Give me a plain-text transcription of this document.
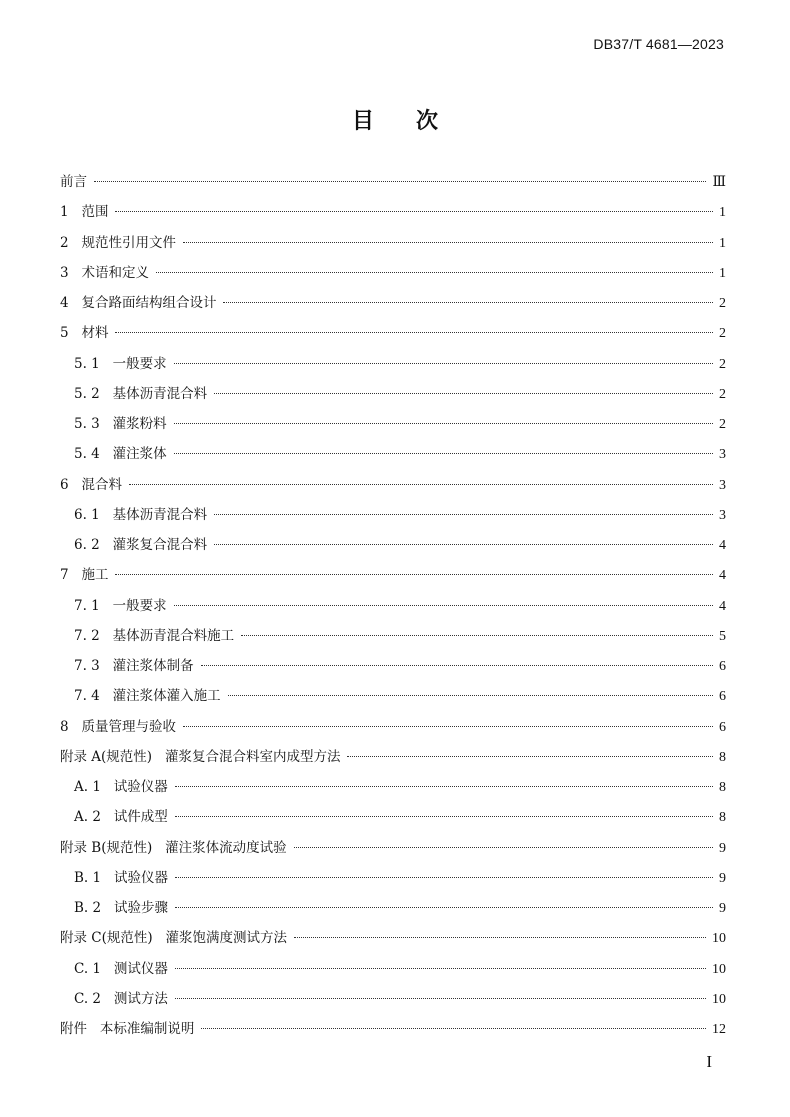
DB37/T 4681—2023
目 次
前言	Ⅲ
1 范围	1
2 规范性引用文件	1
3 术语和定义	1
4 复合路面结构组合设计	2
5 材料	2
5. 1 一般要求	2
5. 2 基体沥青混合料	2
5. 3 灌浆粉料	2
5. 4 灌注浆体	3
6 混合料	3
6. 1 基体沥青混合料	3
6. 2 灌浆复合混合料	4
7 施工	4
7. 1 一般要求	4
7. 2 基体沥青混合料施工	5
7. 3 灌注浆体制备	6
7. 4 灌注浆体灌入施工	6
8 质量管理与验收	6
附录 A(规范性)   灌浆复合混合料室内成型方法	8
A. 1 试验仪器	8
A. 2 试件成型	8
附录 B(规范性)   灌注浆体流动度试验	9
B. 1 试验仪器	9
B. 2 试验步骤	9
附录 C(规范性)   灌浆饱满度测试方法	10
C. 1 测试仪器	10
C. 2 测试方法	10
附件   本标准编制说明	12
I
